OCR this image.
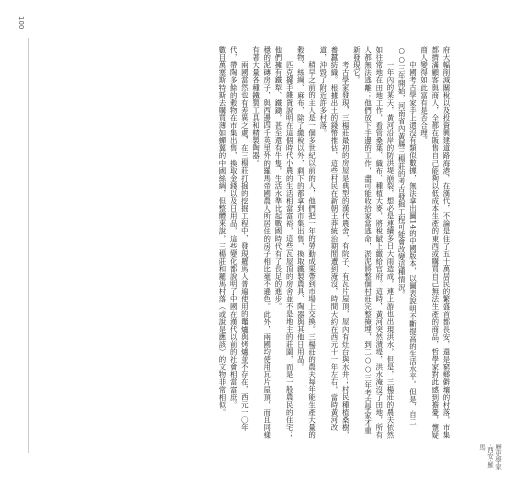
100

府大幅削減關稅以及投資興建道路海港，在漢代，不論是住了五十萬居民的繁盛首都長安，還是窮鄉僻壤的村落，市集都擠滿顧客與商人，全都在販售自己能夠以低成本生產的東西或購買自己無法生產的商品，哲學家對此感到擔憂，懷疑商人變得如此富有是否合理。

中國考古學家手上還沒有類似數據，無法拿出圖14的中國版本，以圖表說明不斷提高的生活水平。但是，自二○○三年開始，河南省內黃縣三楊莊的考古發掘工程可能會改變這種情況。

一年內的某天，黃河沿岸的防洪堤崩裂，想必是連續多日大雨造成，連上游也出現洪水，但是，三楊莊的農夫依然如往常地在田地工作，看管桑葉、織布、種植大麥，將稅賦上繳給官府。這時，黃河突然潰堤，洪水淹沒了田地，所有人都無法逃離；他們放下手邊的工作，盡可能收拾家當逃命，淤泥將整個村莊完整掩埋，到二○○三年考古學家才重新發現它。

考古學家發現，三楊莊最初的房屋是典型的漢代農舍，有院子、有瓦片屋頂，屋內有灶台與水井；村民種植桑樹，養蠶紡織。根據出土的錢幣推估，這些村民在新朝王莽統治期間遭到淹沒，時間大約在西元十一年左右，當時黃河改道，沖毀了附近許多村落。

稍早之前的主人是一個多世紀以前的人，他們把一年的勞動成果帶到市場上交換。三楊莊的農夫每年能生產大量的穀物、絲綢、麻布，除了繳稅以外，剩下的都拿到市集出售，換取鐵製農具、陶器與其他日用品。

匹克擺手雜貨說明在這個時代小農的生活相當富裕，這些瓦屋頂的房舍並不是地主的莊園，而是一般農民的住宅；他們擁有鐵犁、鐵鋤，甚至還有牛隻，生活水準比起戰國時代有了長足的進步。

穩的泥磚房子，與西邊四千英里外的羅馬帝國農人所居住的房子相比毫不遜色。此外，兩國均使用瓦片屋頂，而且同樣有著大量各種鐵製工具和精製陶器。

兩國當然也有差異之處，在三楊莊打掘的挖掘工程中，發現羅馬人普遍使用的竈爐與烤爐並不存在，西元一〇年代，帶陶多餘的穀物在市集出售，換取金錢以及日用品，這些變化都說明了中國在漢代以前的社會相當富庶。

數目萬塞斯特斯去購買薄如蟬翼的中國絲綢，但整體來說，三楊莊和羅馬村落（或說是應該）的文物非常相似。

歷史學家·西安·羅馬
